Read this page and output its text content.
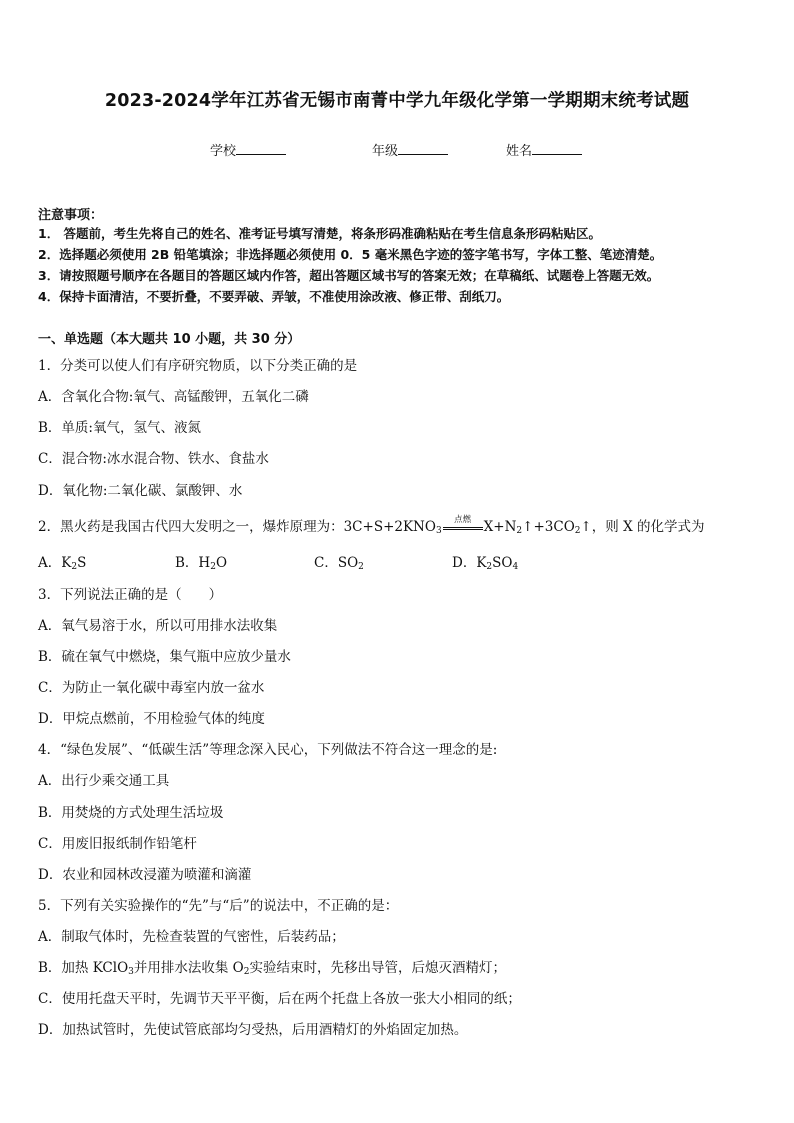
2023-2024学年江苏省无锡市南菁中学九年级化学第一学期期末统考试题
学校	年级	姓名
注意事项：
1． 答题前，考生先将自己的姓名、准考证号填写清楚，将条形码准确粘贴在考生信息条形码粘贴区。
2．选择题必须使用 2B 铅笔填涂；非选择题必须使用 0．5 毫米黑色字迹的签字笔书写，字体工整、笔迹清楚。
3．请按照题号顺序在各题目的答题区域内作答，超出答题区域书写的答案无效；在草稿纸、试题卷上答题无效。
4．保持卡面清洁，不要折叠，不要弄破、弄皱，不准使用涂改液、修正带、刮纸刀。
一、单选题（本大题共 10 小题，共 30 分）
1．分类可以使人们有序研究物质，以下分类正确的是
A．含氧化合物:氧气、高锰酸钾，五氧化二磷
B．单质:氧气，氢气、液氮
C．混合物:冰水混合物、铁水、食盐水
D．氧化物:二氧化碳、氯酸钾、水
2．黑火药是我国古代四大发明之一，爆炸原理为：$3C+S+2KNO_3$
点燃 $X+N_2↑+3CO_2↑$，则 X 的化学式为
A．$K_2S$	B．$H_2O$	C．$SO_2$	D．$K_2SO_4$
3．下列说法正确的是（　　）
A．氧气易溶于水，所以可用排水法收集
B．硫在氧气中燃烧，集气瓶中应放少量水
C．为防止一氧化碳中毒室内放一盆水
D．甲烷点燃前，不用检验气体的纯度
4．“绿色发展”、“低碳生活”等理念深入民心，下列做法不符合这一理念的是:
A．出行少乘交通工具
B．用焚烧的方式处理生活垃圾
C．用废旧报纸制作铅笔杆
D．农业和园林改浸灌为喷灌和滴灌
5．下列有关实验操作的“先”与“后”的说法中，不正确的是：
A．制取气体时，先检查装置的气密性，后装药品；
B．加热 KClO$_3$并用排水法收集 $O_2$实验结束时，先移出导管，后熄灭酒精灯；
C．使用托盘天平时，先调节天平平衡，后在两个托盘上各放一张大小相同的纸；
D．加热试管时，先使试管底部均匀受热，后用酒精灯的外焰固定加热。
